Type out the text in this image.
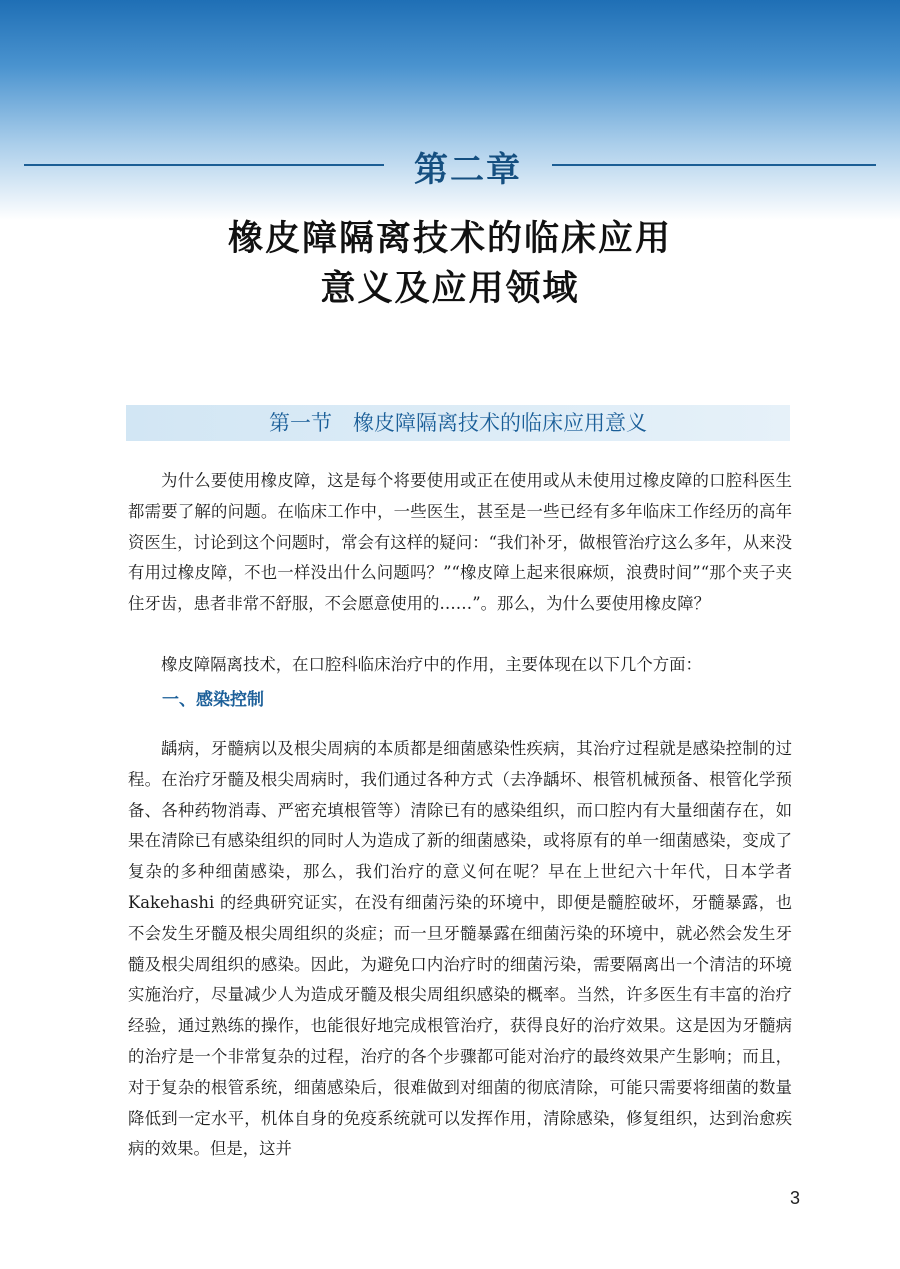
第二章
橡皮障隔离技术的临床应用
意义及应用领域
第一节　橡皮障隔离技术的临床应用意义

为什么要使用橡皮障，这是每个将要使用或正在使用或从未使用过橡皮障的口腔科医生都需要了解的问题。在临床工作中，一些医生，甚至是一些已经有多年临床工作经历的高年资医生，讨论到这个问题时，常会有这样的疑问：“我们补牙，做根管治疗这么多年，从来没有用过橡皮障，不也一样没出什么问题吗？”“橡皮障上起来很麻烦，浪费时间”“那个夹子夹住牙齿，患者非常不舒服，不会愿意使用的……”。那么，为什么要使用橡皮障？

橡皮障隔离技术，在口腔科临床治疗中的作用，主要体现在以下几个方面：

一、感染控制

龋病，牙髓病以及根尖周病的本质都是细菌感染性疾病，其治疗过程就是感染控制的过程。在治疗牙髓及根尖周病时，我们通过各种方式（去净龋坏、根管机械预备、根管化学预备、各种药物消毒、严密充填根管等）清除已有的感染组织，而口腔内有大量细菌存在，如果在清除已有感染组织的同时人为造成了新的细菌感染，或将原有的单一细菌感染，变成了复杂的多种细菌感染，那么，我们治疗的意义何在呢？早在上世纪六十年代，日本学者 Kakehashi 的经典研究证实，在没有细菌污染的环境中，即便是髓腔破坏，牙髓暴露，也不会发生牙髓及根尖周组织的炎症；而一旦牙髓暴露在细菌污染的环境中，就必然会发生牙髓及根尖周组织的感染。因此，为避免口内治疗时的细菌污染，需要隔离出一个清洁的环境实施治疗，尽量减少人为造成牙髓及根尖周组织感染的概率。当然，许多医生有丰富的治疗经验，通过熟练的操作，也能很好地完成根管治疗，获得良好的治疗效果。这是因为牙髓病的治疗是一个非常复杂的过程，治疗的各个步骤都可能对治疗的最终效果产生影响；而且，对于复杂的根管系统，细菌感染后，很难做到对细菌的彻底清除，可能只需要将细菌的数量降低到一定水平，机体自身的免疫系统就可以发挥作用，清除感染，修复组织，达到治愈疾病的效果。但是，这并

3
